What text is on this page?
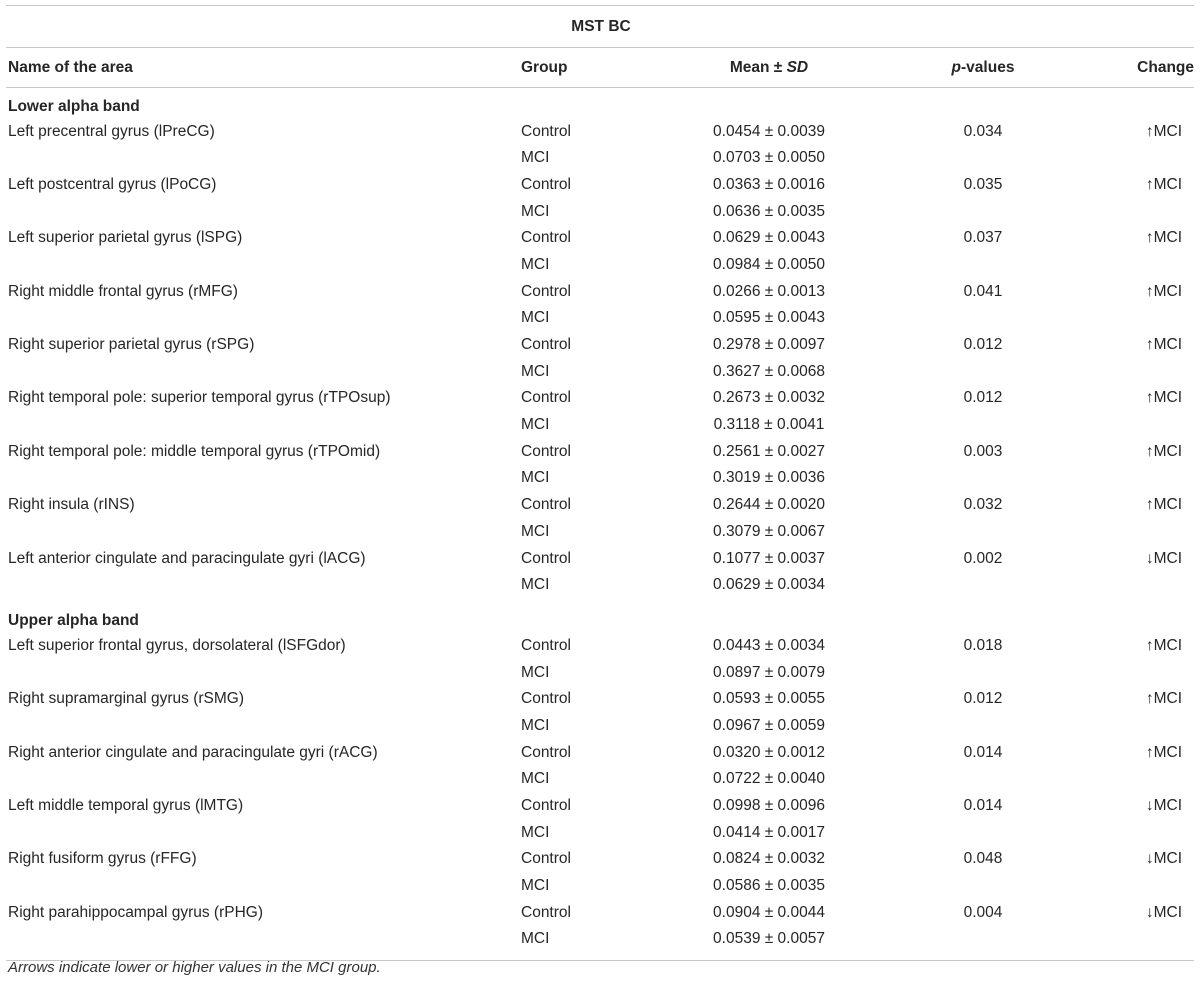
MST BC				
Name of the area	Group	Mean ± SD	p-values	Change
Lower alpha band				
Left precentral gyrus (lPreCG)	Control	0.0454 ± 0.0039	0.034	↑MCI
	MCI	0.0703 ± 0.0050		
Left postcentral gyrus (lPoCG)	Control	0.0363 ± 0.0016	0.035	↑MCI
	MCI	0.0636 ± 0.0035		
Left superior parietal gyrus (lSPG)	Control	0.0629 ± 0.0043	0.037	↑MCI
	MCI	0.0984 ± 0.0050		
Right middle frontal gyrus (rMFG)	Control	0.0266 ± 0.0013	0.041	↑MCI
	MCI	0.0595 ± 0.0043		
Right superior parietal gyrus (rSPG)	Control	0.2978 ± 0.0097	0.012	↑MCI
	MCI	0.3627 ± 0.0068		
Right temporal pole: superior temporal gyrus (rTPOsup)	Control	0.2673 ± 0.0032	0.012	↑MCI
	MCI	0.3118 ± 0.0041		
Right temporal pole: middle temporal gyrus (rTPOmid)	Control	0.2561 ± 0.0027	0.003	↑MCI
	MCI	0.3019 ± 0.0036		
Right insula (rINS)	Control	0.2644 ± 0.0020	0.032	↑MCI
	MCI	0.3079 ± 0.0067		
Left anterior cingulate and paracingulate gyri (lACG)	Control	0.1077 ± 0.0037	0.002	↓MCI
	MCI	0.0629 ± 0.0034		
Upper alpha band				
Left superior frontal gyrus, dorsolateral (lSFGdor)	Control	0.0443 ± 0.0034	0.018	↑MCI
	MCI	0.0897 ± 0.0079		
Right supramarginal gyrus (rSMG)	Control	0.0593 ± 0.0055	0.012	↑MCI
	MCI	0.0967 ± 0.0059		
Right anterior cingulate and paracingulate gyri (rACG)	Control	0.0320 ± 0.0012	0.014	↑MCI
	MCI	0.0722 ± 0.0040		
Left middle temporal gyrus (lMTG)	Control	0.0998 ± 0.0096	0.014	↓MCI
	MCI	0.0414 ± 0.0017		
Right fusiform gyrus (rFFG)	Control	0.0824 ± 0.0032	0.048	↓MCI
	MCI	0.0586 ± 0.0035		
Right parahippocampal gyrus (rPHG)	Control	0.0904 ± 0.0044	0.004	↓MCI
	MCI	0.0539 ± 0.0057		
Arrows indicate lower or higher values in the MCI group.
